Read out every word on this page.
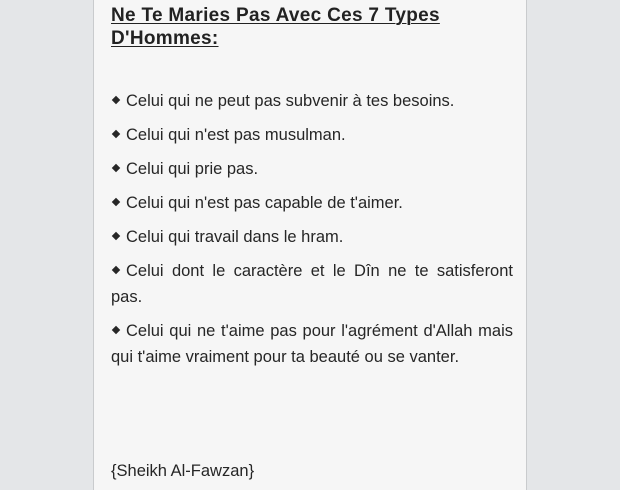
Ne Te Maries Pas Avec Ces 7 Types D'Hommes:
Celui qui ne peut pas subvenir à tes besoins.
Celui qui n'est pas musulman.
Celui qui prie pas.
Celui qui n'est pas capable de t'aimer.
Celui qui travail dans le hram.
Celui dont le caractère et le Dîn ne te satisferont pas.
Celui qui ne t'aime pas pour l'agrément d'Allah mais qui t'aime vraiment pour ta beauté ou se vanter.

{Sheikh Al-Fawzan}
